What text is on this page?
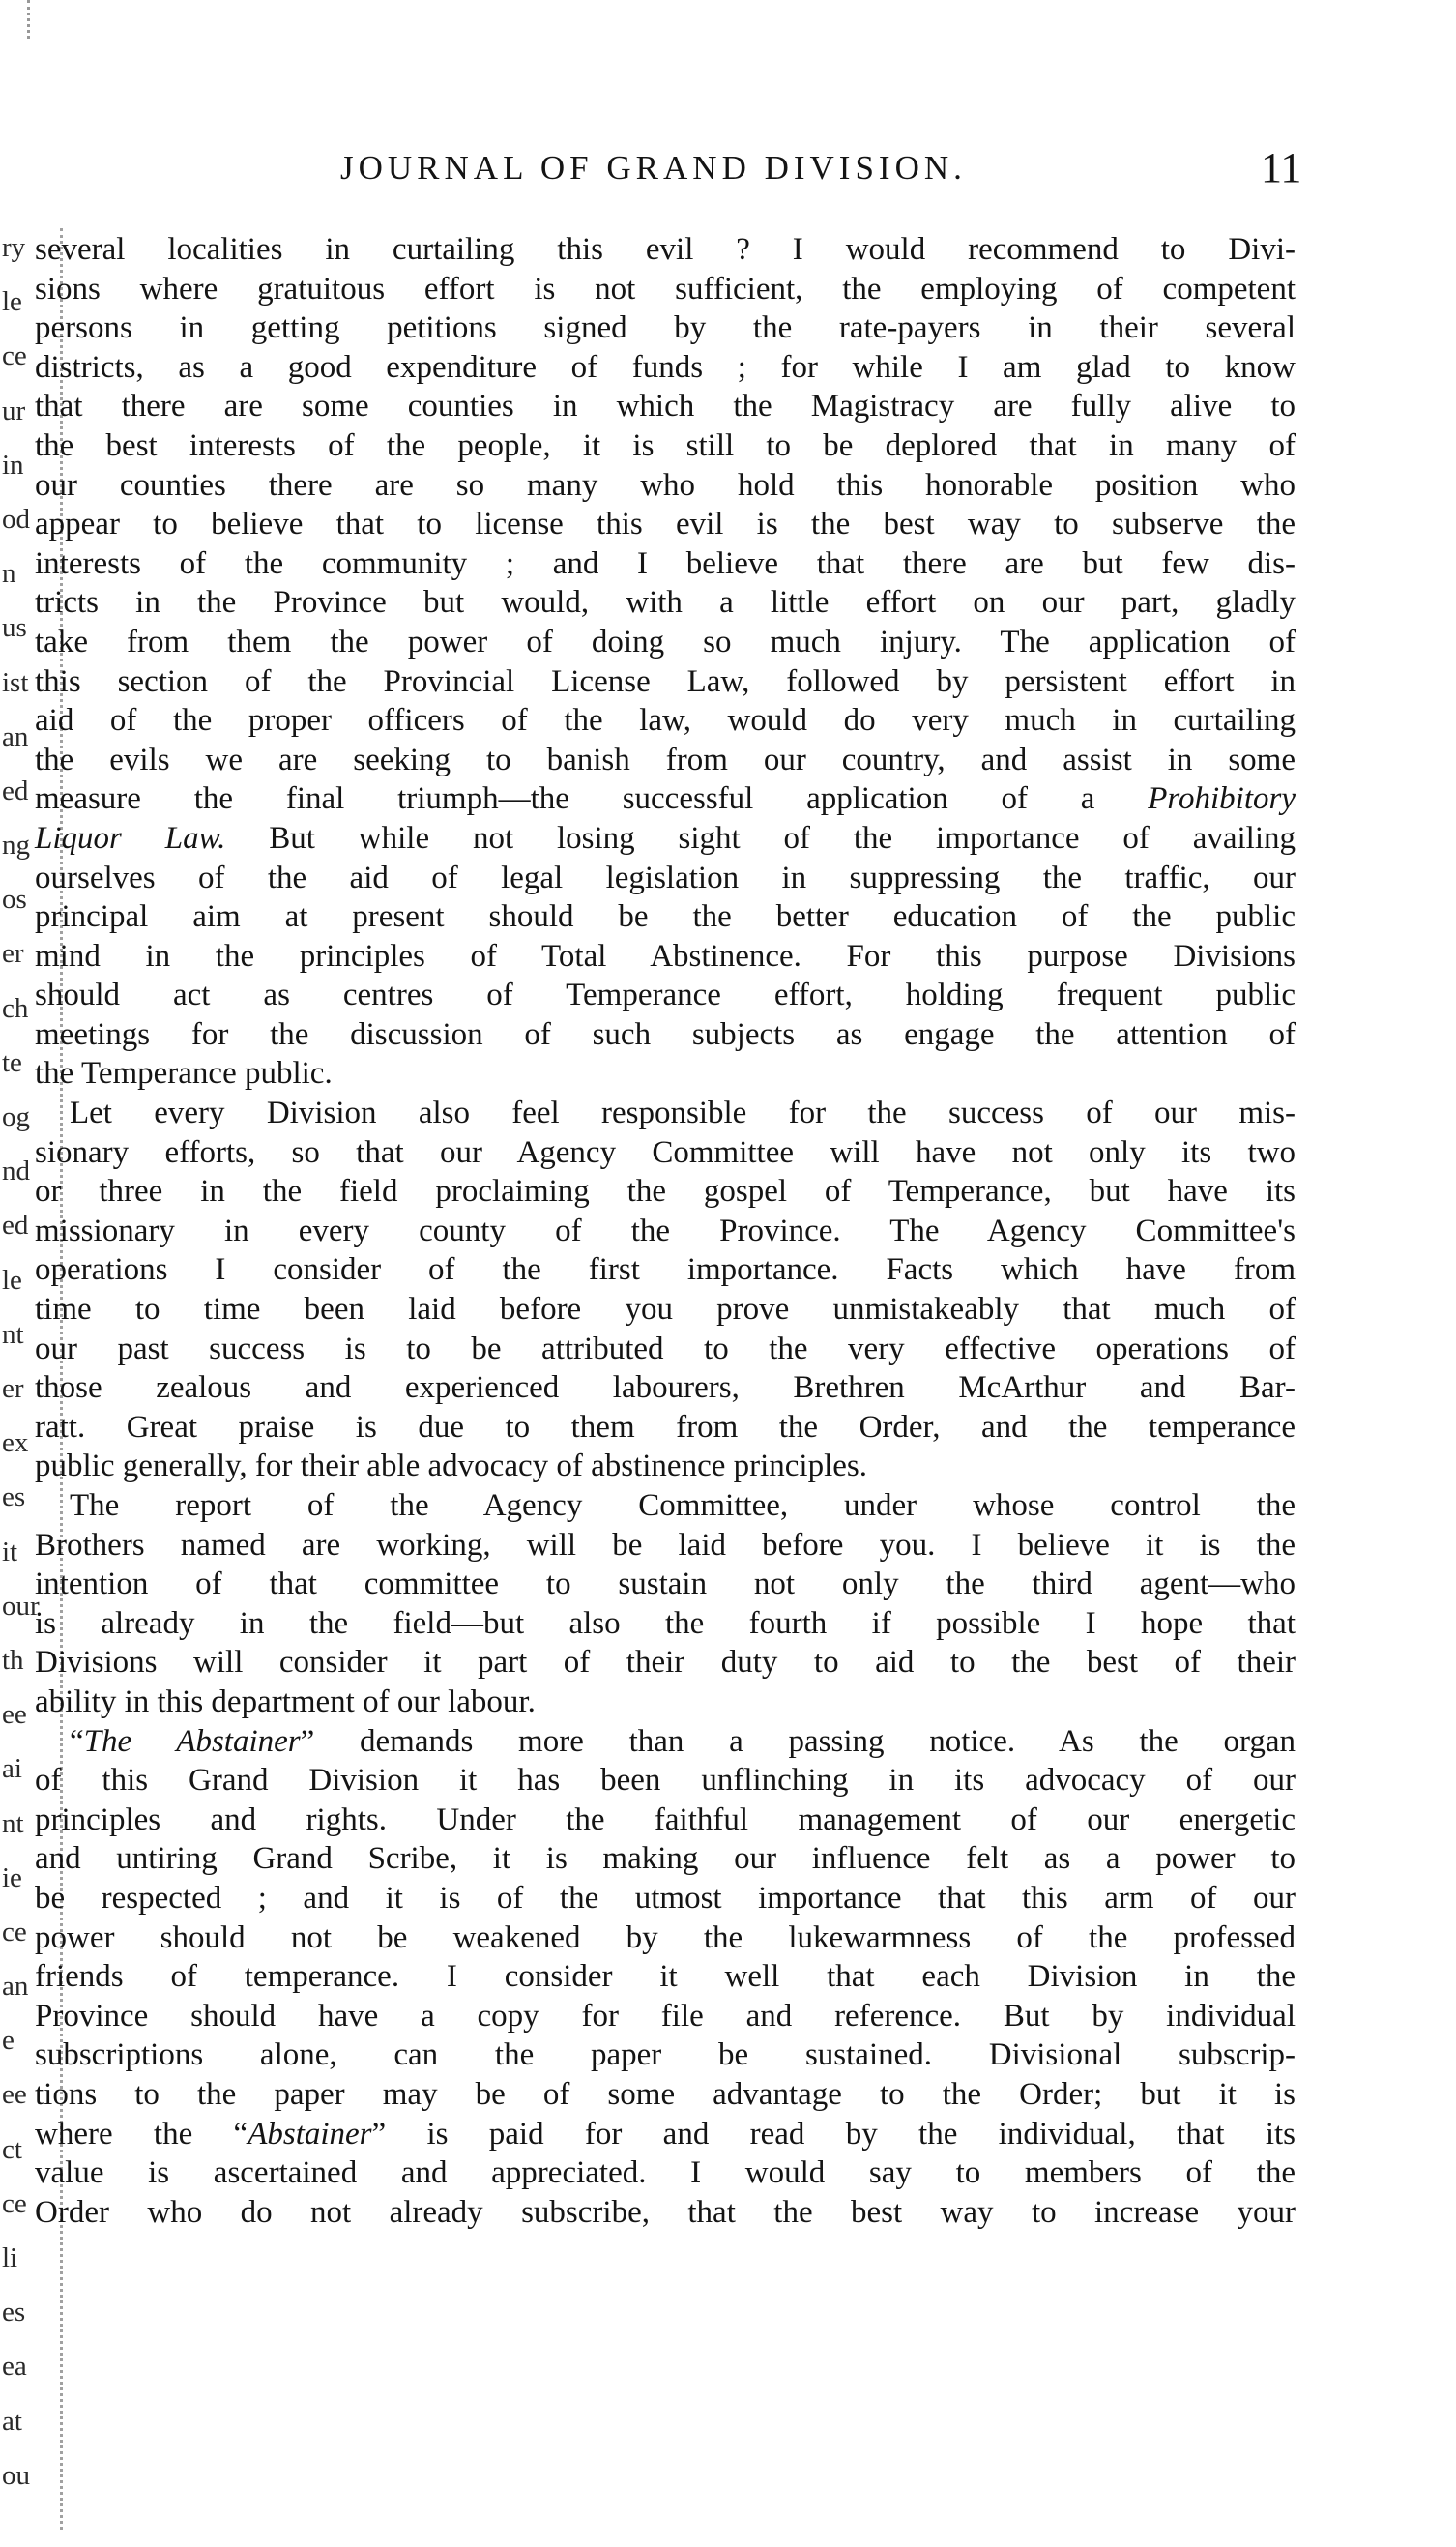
JOURNAL OF GRAND DIVISION.	11
ry
le
ce
ur
in
od
n
us
ist
an
ed
ng
os
er
ch
te
og
nd
ed
le
nt
er
ex
es
it
our
th
ee
ai
nt
ie
ce
an
e
ee
ct
ce
li
es
ea
at
ou
several localities in curtailing this evil ? I would recommend to Divi-
sions where gratuitous effort is not sufficient, the employing of competent
persons in getting petitions signed by the rate-payers in their several
districts, as a good expenditure of funds ; for while I am glad to know
that there are some counties in which the Magistracy are fully alive to
the best interests of the people, it is still to be deplored that in many of
our counties there are so many who hold this honorable position who
appear to believe that to license this evil is the best way to subserve the
interests of the community ; and I believe that there are but few dis-
tricts in the Province but would, with a little effort on our part, gladly
take from them the power of doing so much injury. The application of
this section of the Provincial License Law, followed by persistent effort in
aid of the proper officers of the law, would do very much in curtailing
the evils we are seeking to banish from our country, and assist in some
measure the final triumph—the successful application of a Prohibitory
Liquor Law. But while not losing sight of the importance of availing
ourselves of the aid of legal legislation in suppressing the traffic, our
principal aim at present should be the better education of the public
mind in the principles of Total Abstinence. For this purpose Divisions
should act as centres of Temperance effort, holding frequent public
meetings for the discussion of such subjects as engage the attention of
the Temperance public.
Let every Division also feel responsible for the success of our mis-
sionary efforts, so that our Agency Committee will have not only its two
or three in the field proclaiming the gospel of Temperance, but have its
missionary in every county of the Province. The Agency Committee's
operations I consider of the first importance. Facts which have from
time to time been laid before you prove unmistakeably that much of
our past success is to be attributed to the very effective operations of
those zealous and experienced labourers, Brethren McArthur and Bar-
ratt. Great praise is due to them from the Order, and the temperance
public generally, for their able advocacy of abstinence principles.
The report of the Agency Committee, under whose control the
Brothers named are working, will be laid before you. I believe it is the
intention of that committee to sustain not only the third agent—who
is already in the field—but also the fourth if possible I hope that
Divisions will consider it part of their duty to aid to the best of their
ability in this department of our labour.
“The Abstainer” demands more than a passing notice. As the organ
of this Grand Division it has been unflinching in its advocacy of our
principles and rights. Under the faithful management of our energetic
and untiring Grand Scribe, it is making our influence felt as a power to
be respected ; and it is of the utmost importance that this arm of our
power should not be weakened by the lukewarmness of the professed
friends of temperance. I consider it well that each Division in the
Province should have a copy for file and reference. But by individual
subscriptions alone, can the paper be sustained. Divisional subscrip-
tions to the paper may be of some advantage to the Order; but it is
where the “Abstainer” is paid for and read by the individual, that its
value is ascertained and appreciated. I would say to members of the
Order who do not already subscribe, that the best way to increase your
